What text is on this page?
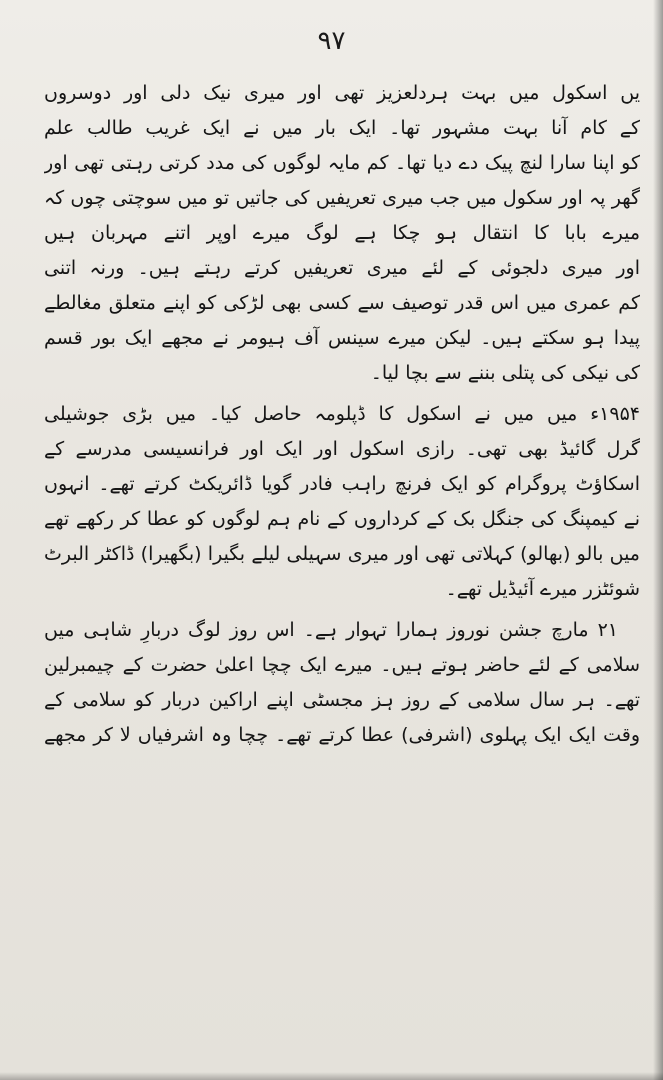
۹۷
یں اسکول میں بہت ہردلعزیز تھی اور میری نیک دلی اور دوسروں
کے کام آنا بہت مشہور تھا۔ ایک بار میں نے ایک غریب طالب علم
کو اپنا سارا لنچ پیک دے دیا تھا۔ کم مایہ لوگوں کی مدد کرتی رہتی تھی اور
گھر پہ اور سکول میں جب میری تعریفیں کی جاتیں تو میں سوچتی چوں کہ
میرے بابا کا انتقال ہو چکا ہے لوگ میرے اوپر اتنے مہربان ہیں
اور میری دلجوئی کے لئے میری تعریفیں کرتے رہتے ہیں۔ ورنہ اتنی
کم عمری میں اس قدر توصیف سے کسی بھی لڑکی کو اپنے متعلق مغالطے
پیدا ہو سکتے ہیں۔ لیکن میرے سینس آف ہیومر نے مجھے ایک بور قسم
کی نیکی کی پتلی بننے سے بچا لیا۔
۱۹۵۴ء میں میں نے اسکول کا ڈپلومہ حاصل کیا۔ میں بڑی جوشیلی
گرل گائیڈ بھی تھی۔ رازی اسکول اور ایک اور فرانسیسی مدرسے کے
اسکاؤٹ پروگرام کو ایک فرنچ راہب فادر گویا ڈائریکٹ کرتے تھے۔ انہوں
نے کیمپنگ کی جنگل بک کے کرداروں کے نام ہم لوگوں کو عطا کر رکھے تھے
میں بالو (بھالو) کہلاتی تھی اور میری سہیلی لیلے بگیرا (بگھیرا) ڈاکٹر البرٹ
شوئٹزر میرے آئیڈیل تھے۔
۲۱ مارچ جشن نوروز ہمارا تہوار ہے۔ اس روز لوگ دربارِ شاہی میں
سلامی کے لئے حاضر ہوتے ہیں۔ میرے ایک چچا اعلیٰ حضرت کے چیمبرلین
تھے۔ ہر سال سلامی کے روز ہز مجسٹی اپنے اراکین دربار کو سلامی کے
وقت ایک ایک پہلوی (اشرفی) عطا کرتے تھے۔ چچا وہ اشرفیاں لا کر مجھے
